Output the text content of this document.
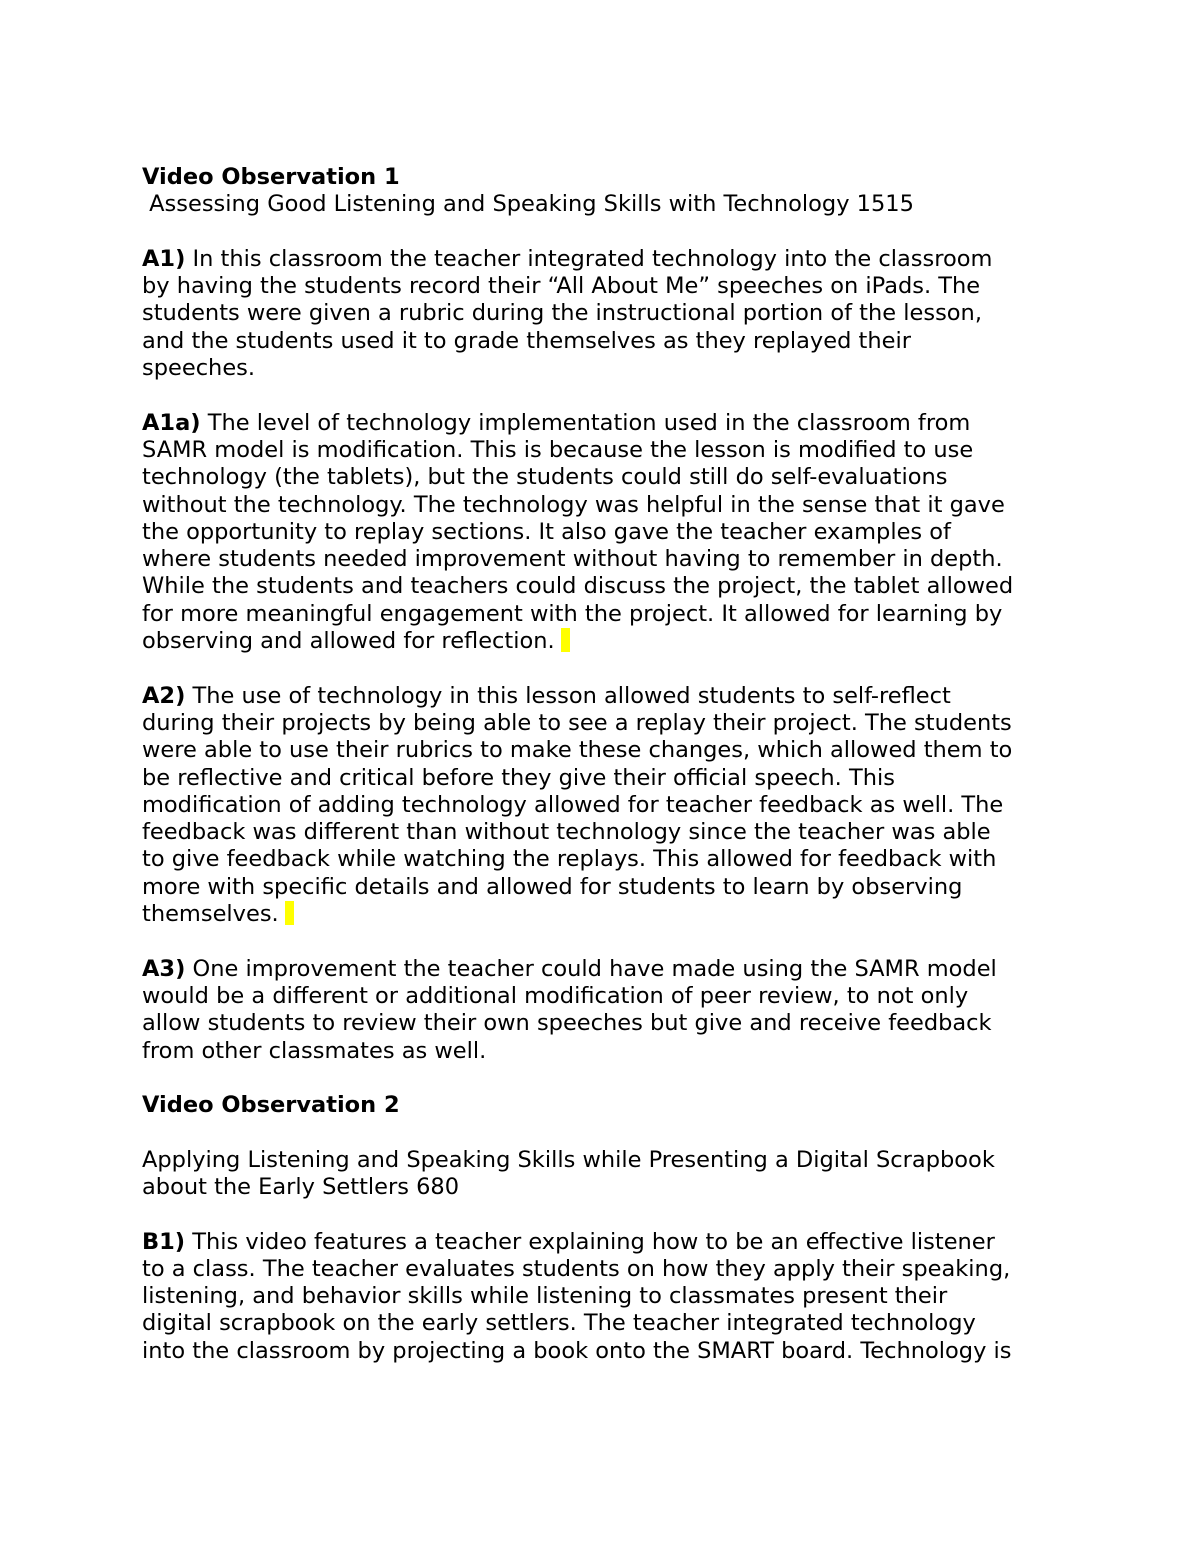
Video Observation 1
Assessing Good Listening and Speaking Skills with Technology 1515
A1) In this classroom the teacher integrated technology into the classroom
by having the students record their “All About Me” speeches on iPads. The
students were given a rubric during the instructional portion of the lesson,
and the students used it to grade themselves as they replayed their
speeches.
A1a) The level of technology implementation used in the classroom from
SAMR model is modification. This is because the lesson is modified to use
technology (the tablets), but the students could still do self-evaluations
without the technology. The technology was helpful in the sense that it gave
the opportunity to replay sections. It also gave the teacher examples of
where students needed improvement without having to remember in depth.
While the students and teachers could discuss the project, the tablet allowed
for more meaningful engagement with the project. It allowed for learning by
observing and allowed for reflection.
A2) The use of technology in this lesson allowed students to self-reflect
during their projects by being able to see a replay their project. The students
were able to use their rubrics to make these changes, which allowed them to
be reflective and critical before they give their official speech. This
modification of adding technology allowed for teacher feedback as well. The
feedback was different than without technology since the teacher was able
to give feedback while watching the replays. This allowed for feedback with
more with specific details and allowed for students to learn by observing
themselves.
A3) One improvement the teacher could have made using the SAMR model
would be a different or additional modification of peer review, to not only
allow students to review their own speeches but give and receive feedback
from other classmates as well.
Video Observation 2
Applying Listening and Speaking Skills while Presenting a Digital Scrapbook
about the Early Settlers 680
B1) This video features a teacher explaining how to be an effective listener
to a class. The teacher evaluates students on how they apply their speaking,
listening, and behavior skills while listening to classmates present their
digital scrapbook on the early settlers. The teacher integrated technology
into the classroom by projecting a book onto the SMART board. Technology is
